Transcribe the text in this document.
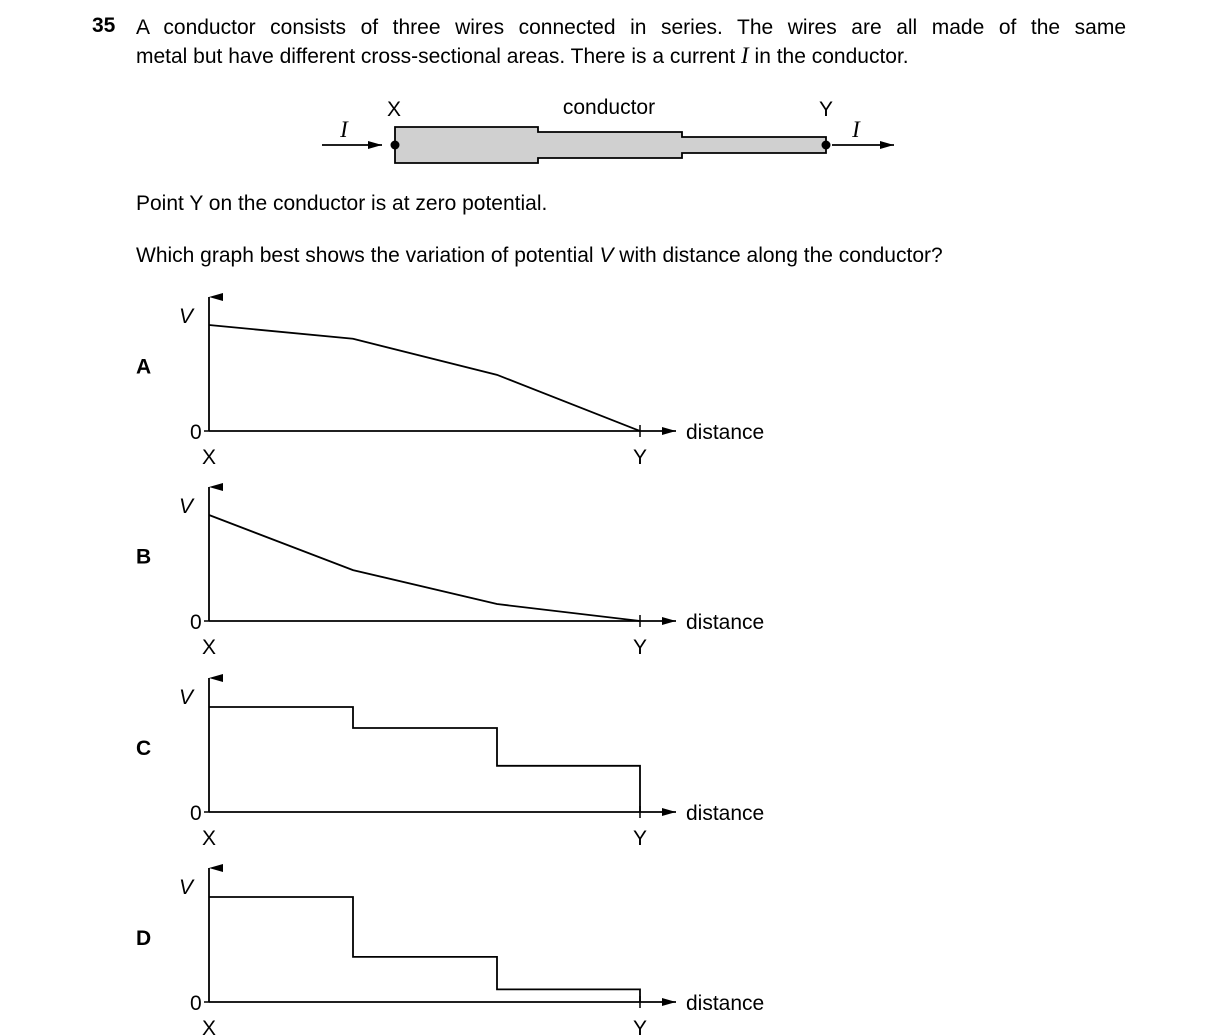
35 A conductor consists of three wires connected in series. The wires are all made of the same
metal but have different cross-sectional areas. There is a current I in the conductor.
Point Y on the conductor is at zero potential.
Which graph best shows the variation of potential V with distance along the conductor?
X	conductor	Y
I	I
A
V
0
X	Y
distance
B
V
0
X	Y
distance
C
V
0
X	Y
distance
D
V
0
X	Y
distance
